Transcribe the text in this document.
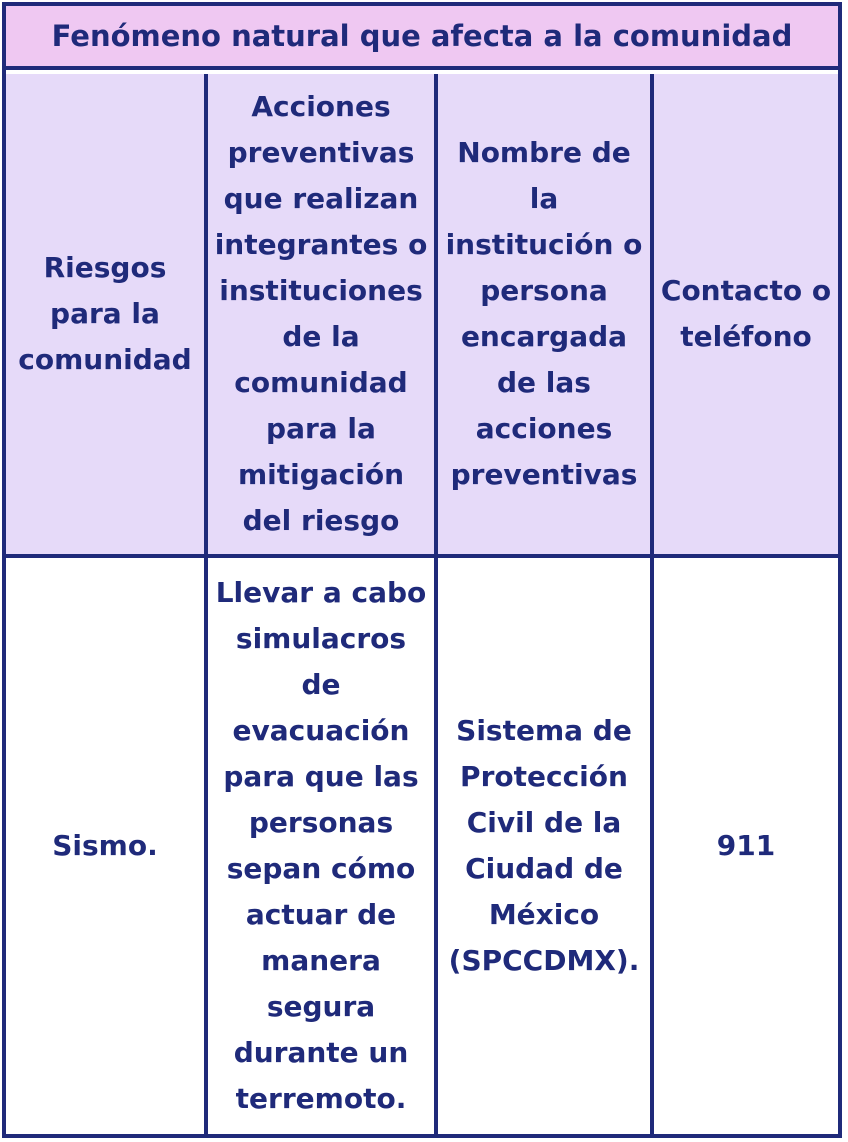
Fenómeno natural que afecta a la comunidad
Riesgos para la comunidad
Acciones preventivas que realizan integrantes o instituciones de la comunidad para la mitigación del riesgo
Nombre de la institución o persona encargada de las acciones preventivas
Contacto o teléfono
Sismo.
Llevar a cabo simulacros de evacuación para que las personas sepan cómo actuar de manera segura durante un terremoto.
Sistema de Protección Civil de la Ciudad de México (SPCCDMX).
911
